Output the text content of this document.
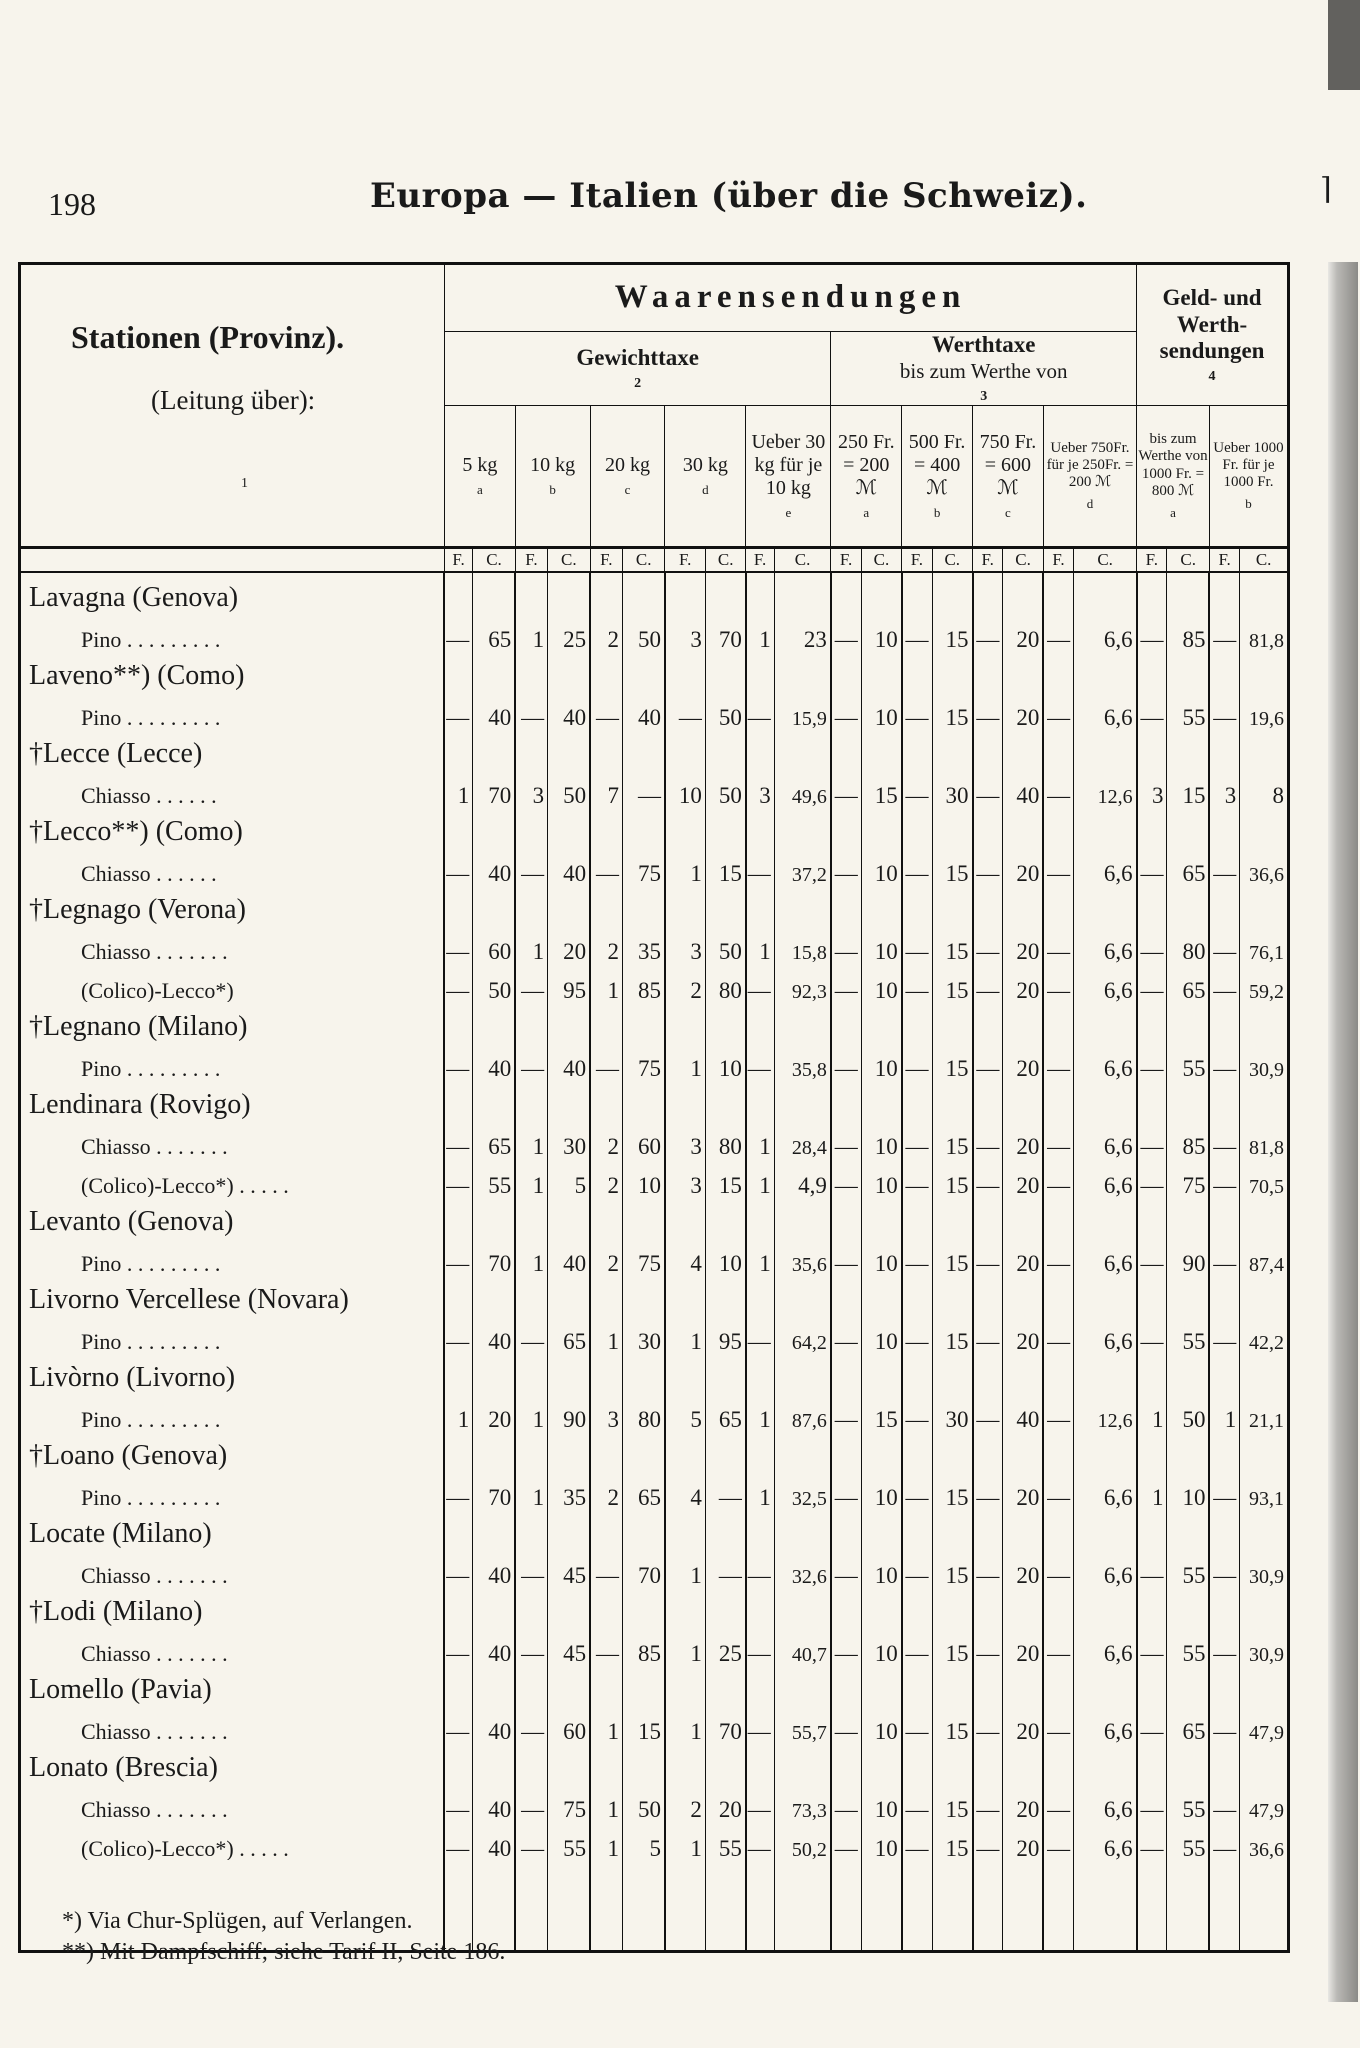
⌉
198	Europa — Italien (über die Schweiz).
Stationen (Provinz).
(Leitung über):
1	Waarensendungen																		Geld- und Werth-sendungen
4			

	Gewichttaxe
2										Werthtaxe
bis zum Werthe von
3											

	5 kg
a		10 kg
b		20 kg
c		30 kg
d		Ueber 30 kg für je 10 kg
e		250 Fr. = 200 ℳ
a		500 Fr. = 400 ℳ
b		750 Fr. = 600 ℳ
c		Ueber 750Fr. für je 250Fr. = 200 ℳ
d		bis zum Werthe von 1000 Fr. = 800 ℳ
a		Ueber 1000 Fr. für je 1000 Fr.
b	

	F.	C.	F.	C.	F.	C.	F.	C.	F.	C.	F.	C.	F.	C.	F.	C.	F.	C.	F.	C.	F.	C.
Lavagna (Genova)																						
Pino . . . . . . . . .	—	65	1	25	2	50	3	70	1	23	—	10	—	15	—	20	—	6,6	—	85	—	81,8
Laveno**) (Como)																						
Pino . . . . . . . . .	—	40	—	40	—	40	—	50	—	15,9	—	10	—	15	—	20	—	6,6	—	55	—	19,6
†Lecce (Lecce)																						
Chiasso . . . . . .	1	70	3	50	7	—	10	50	3	49,6	—	15	—	30	—	40	—	12,6	3	15	3	8
†Lecco**) (Como)																						
Chiasso . . . . . .	—	40	—	40	—	75	1	15	—	37,2	—	10	—	15	—	20	—	6,6	—	65	—	36,6
†Legnago (Verona)																						
Chiasso . . . . . . .	—	60	1	20	2	35	3	50	1	15,8	—	10	—	15	—	20	—	6,6	—	80	—	76,1
(Colico)-Lecco*)	—	50	—	95	1	85	2	80	—	92,3	—	10	—	15	—	20	—	6,6	—	65	—	59,2
†Legnano (Milano)																						
Pino . . . . . . . . .	—	40	—	40	—	75	1	10	—	35,8	—	10	—	15	—	20	—	6,6	—	55	—	30,9
Lendinara (Rovigo)																						
Chiasso . . . . . . .	—	65	1	30	2	60	3	80	1	28,4	—	10	—	15	—	20	—	6,6	—	85	—	81,8
(Colico)-Lecco*) . . . . .	—	55	1	5	2	10	3	15	1	4,9	—	10	—	15	—	20	—	6,6	—	75	—	70,5
Levanto (Genova)																						
Pino . . . . . . . . .	—	70	1	40	2	75	4	10	1	35,6	—	10	—	15	—	20	—	6,6	—	90	—	87,4
Livorno Vercellese (Novara)																						
Pino . . . . . . . . .	—	40	—	65	1	30	1	95	—	64,2	—	10	—	15	—	20	—	6,6	—	55	—	42,2
Livòrno (Livorno)																						
Pino . . . . . . . . .	1	20	1	90	3	80	5	65	1	87,6	—	15	—	30	—	40	—	12,6	1	50	1	21,1
†Loano (Genova)																						
Pino . . . . . . . . .	—	70	1	35	2	65	4	—	1	32,5	—	10	—	15	—	20	—	6,6	1	10	—	93,1
Locate (Milano)																						
Chiasso . . . . . . .	—	40	—	45	—	70	1	—	—	32,6	—	10	—	15	—	20	—	6,6	—	55	—	30,9
†Lodi (Milano)																						
Chiasso . . . . . . .	—	40	—	45	—	85	1	25	—	40,7	—	10	—	15	—	20	—	6,6	—	55	—	30,9
Lomello (Pavia)																						
Chiasso . . . . . . .	—	40	—	60	1	15	1	70	—	55,7	—	10	—	15	—	20	—	6,6	—	65	—	47,9
Lonato (Brescia)																						
Chiasso . . . . . . .	—	40	—	75	1	50	2	20	—	73,3	—	10	—	15	—	20	—	6,6	—	55	—	47,9
(Colico)-Lecco*) . . . . .	—	40	—	55	1	5	1	55	—	50,2	—	10	—	15	—	20	—	6,6	—	55	—	36,6

*) Via Chur-Splügen, auf Verlangen.
**) Mit Dampfschiff; siehe Tarif II, Seite 186.
